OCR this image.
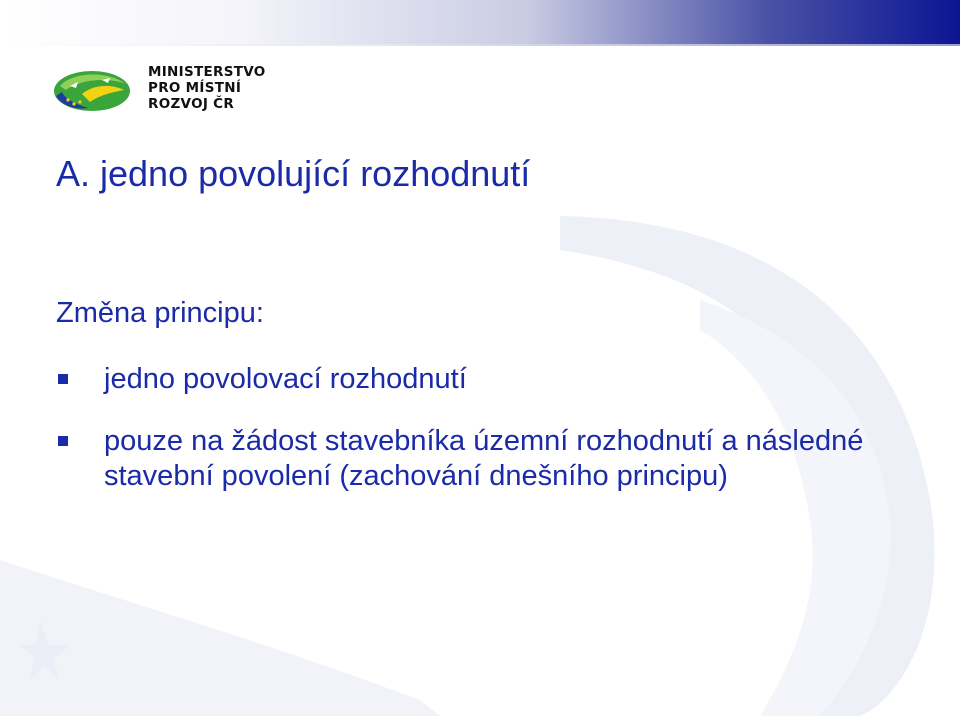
MINISTERSTVO
PRO MÍSTNÍ
ROZVOJ ČR
A. jedno povolující rozhodnutí
Změna principu:
jedno povolovací rozhodnutí
pouze na žádost stavebníka územní rozhodnutí a následné stavební povolení (zachování dnešního principu)
